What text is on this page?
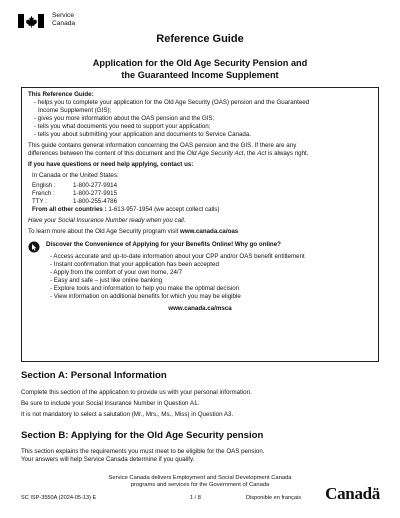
Service
Canada
Reference Guide
Application for the Old Age Security Pension and
the Guaranteed Income Supplement
This Reference Guide:
- helps you to complete your application for the Old Age Security (OAS) pension and the Guaranteed
Income Supplement (GIS);
- gives you more information about the OAS pension and the GIS;
- tells you what documents you need to support your application;
- tells you about submitting your application and documents to Service Canada.
This guide contains general information concerning the OAS pension and the GIS. If there are any
differences between the content of this document and the Old Age Security Act, the Act is always right.
If you have questions or need help applying, contact us:
In Canada or the United States:
English :	1-800-277-9914
French :	1-800-277-9915
TTY :	1-800-255-4786
From all other countries : 1-613-957-1954 (we accept collect calls)
Have your Social Insurance Number ready when you call.
To learn more about the Old Age Security program visit www.canada.ca/oas
Discover the Convenience of Applying for your Benefits Online! Why go online?
- Access accurate and up-to-date information about your CPP and/or OAS benefit entitlement
- Instant confirmation that your application has been accepted
- Apply from the comfort of your own home, 24/7
- Easy and safe – just like online banking
- Explore tools and information to help you make the optimal decision
- View information on additional benefits for which you may be eligible
www.canada.ca/msca
Section A: Personal Information
Complete this section of the application to provide us with your personal information.
Be sure to include your Social Insurance Number in Question A1.
It is not mandatory to select a salutation (Mr., Mrs., Ms., Miss) in Question A3.
Section B: Applying for the Old Age Security pension
This section explains the requirements you must meet to be eligible for the OAS pension.
Your answers will help Service Canada determine if you qualify.
Service Canada delivers Employment and Social Development Canada
programs and services for the Government of Canada
SC ISP-3550A (2024-05-13) E	1 / 8	Disponible en français Canadä
